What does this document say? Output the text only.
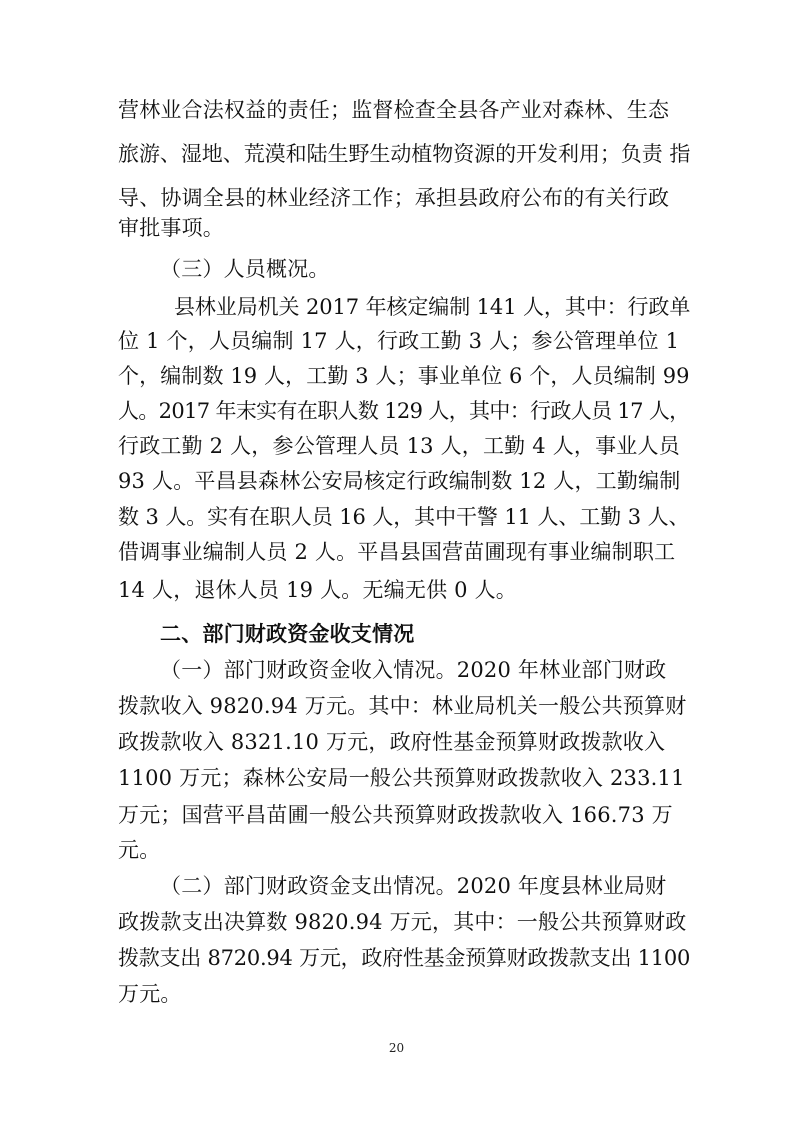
营林业合法权益的责任；监督检查全县各产业对森林、生态
旅游、湿地、荒漠和陆生野生动植物资源的开发利用；负责 指
导、协调全县的林业经济工作；承担县政府公布的有关行政
审批事项。
（三）人员概况。
县林业局机关 2017 年核定编制 141 人，其中：行政单
位 1 个，人员编制 17 人，行政工勤 3 人；参公管理单位 1
个，编制数 19 人，工勤 3 人；事业单位 6 个，人员编制 99
人。2017 年末实有在职人数 129 人，其中：行政人员 17 人，
行政工勤 2 人，参公管理人员 13 人，工勤 4 人，事业人员
93 人。平昌县森林公安局核定行政编制数 12 人，工勤编制
数 3 人。实有在职人员 16 人，其中干警 11 人、工勤 3 人、
借调事业编制人员 2 人。平昌县国营苗圃现有事业编制职工
14 人，退休人员 19 人。无编无供 0 人。
二、部门财政资金收支情况
（一）部门财政资金收入情况。2020 年林业部门财政
拨款收入 9820.94 万元。其中：林业局机关一般公共预算财
政拨款收入 8321.10 万元，政府性基金预算财政拨款收入
1100 万元；森林公安局一般公共预算财政拨款收入 233.11
万元；国营平昌苗圃一般公共预算财政拨款收入 166.73 万
元。
（二）部门财政资金支出情况。2020 年度县林业局财
政拨款支出决算数 9820.94 万元，其中：一般公共预算财政
拨款支出 8720.94 万元，政府性基金预算财政拨款支出 1100
万元。
20
